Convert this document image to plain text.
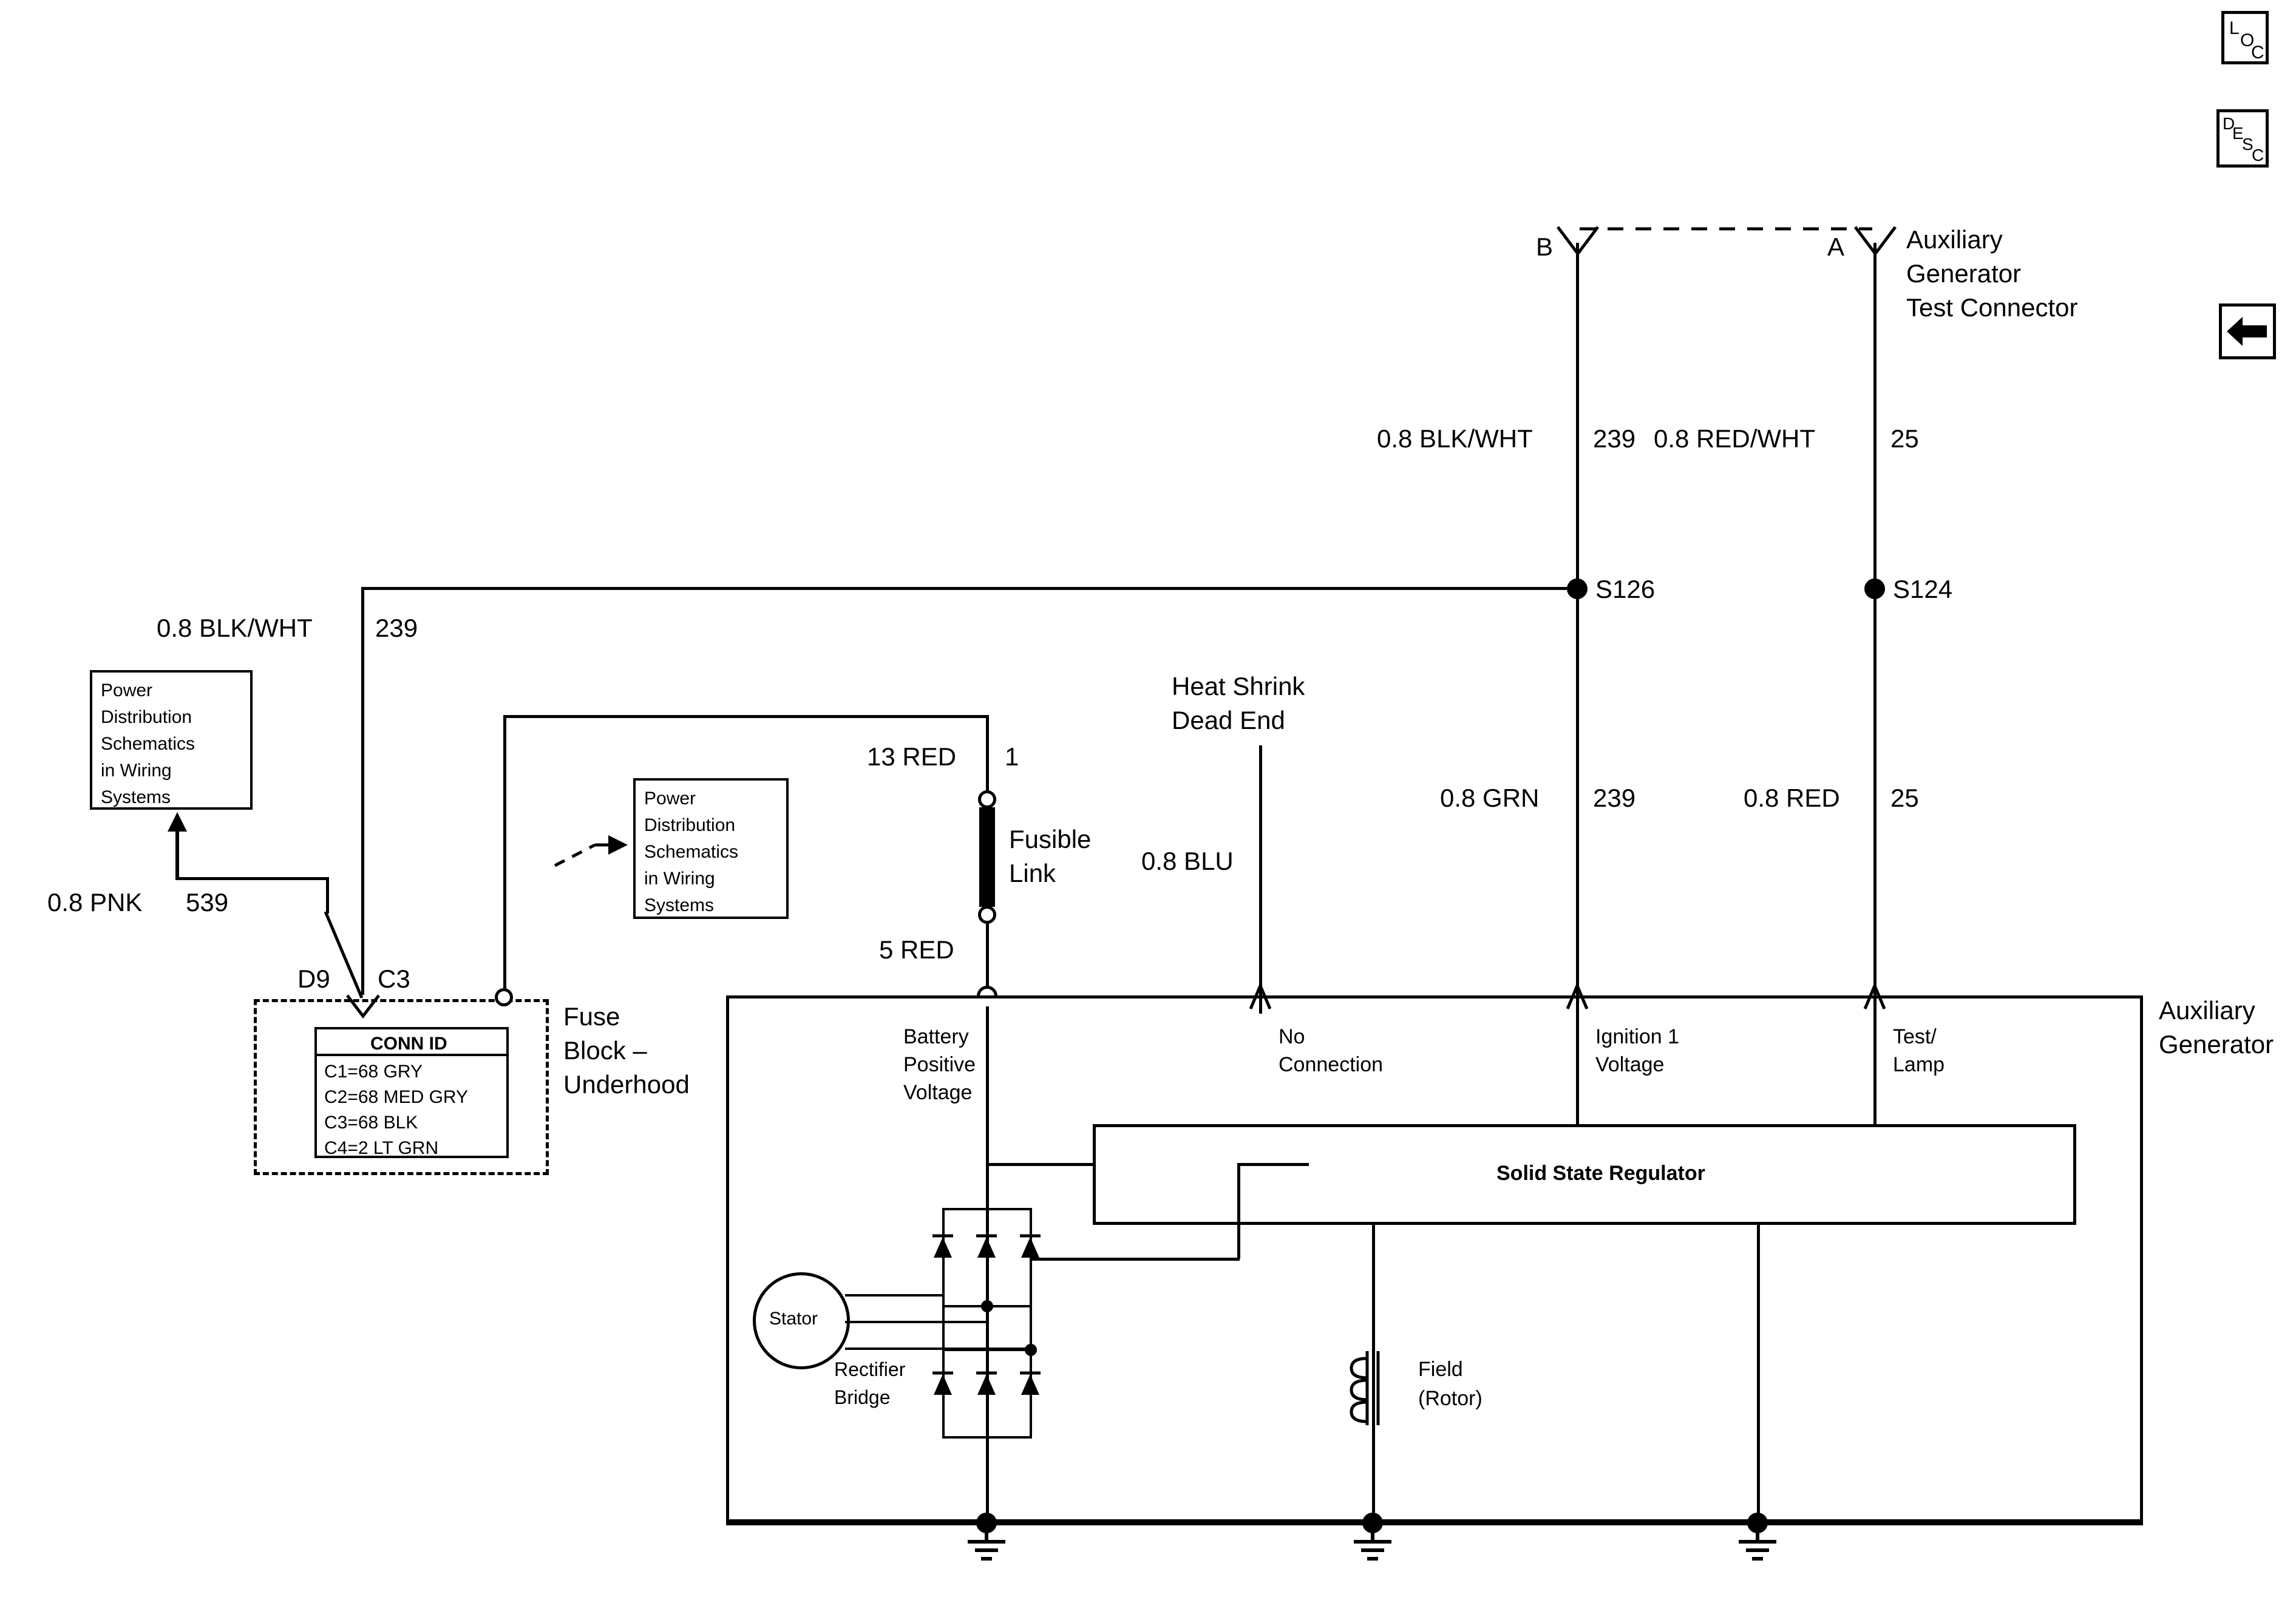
L
O
C
D
E
S
C
B	A Auxiliary
Generator
Test Connector
0.8 BLK/WHT 239 0.8 RED/WHT	25
S126	S124
0.8 BLK/WHT 239
Power
Distribution
Schematics
in Wiring
Systems
0.8 PNK 539
Power
Distribution
Schematics
in Wiring
Systems
D9 C3
CONN ID
C1=68 GRY
C2=68 MED GRY
C3=68 BLK
C4=2 LT GRN
Fuse
Block –
Underhood
13 RED 1
Fusible
Link
5 RED
Heat Shrink
Dead End
0.8 BLU
0.8 GRN 239	0.8 RED 25
Auxiliary
Generator
Battery
Positive
Voltage
No
Connection
Ignition 1
Voltage
Test/
Lamp
Solid State Regulator
Stator
Rectifier
Bridge
Field
(Rotor)
